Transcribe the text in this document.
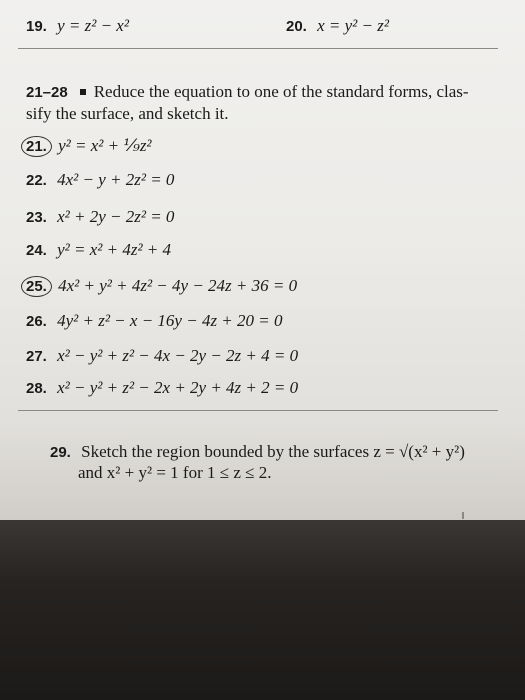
19. y = z² − x²	20. x = y² − z²
21–28 Reduce the equation to one of the standard forms, clas-
sify the surface, and sketch it.
21. y² = x² + ⅑z²
22. 4x² − y + 2z² = 0
23. x² + 2y − 2z² = 0
24. y² = x² + 4z² + 4
25. 4x² + y² + 4z² − 4y − 24z + 36 = 0
26. 4y² + z² − x − 16y − 4z + 20 = 0
27. x² − y² + z² − 4x − 2y − 2z + 4 = 0
28. x² − y² + z² − 2x + 2y + 4z + 2 = 0
29. Sketch the region bounded by the surfaces z = √(x² + y²)
and x² + y² = 1 for 1 ≤ z ≤ 2.
